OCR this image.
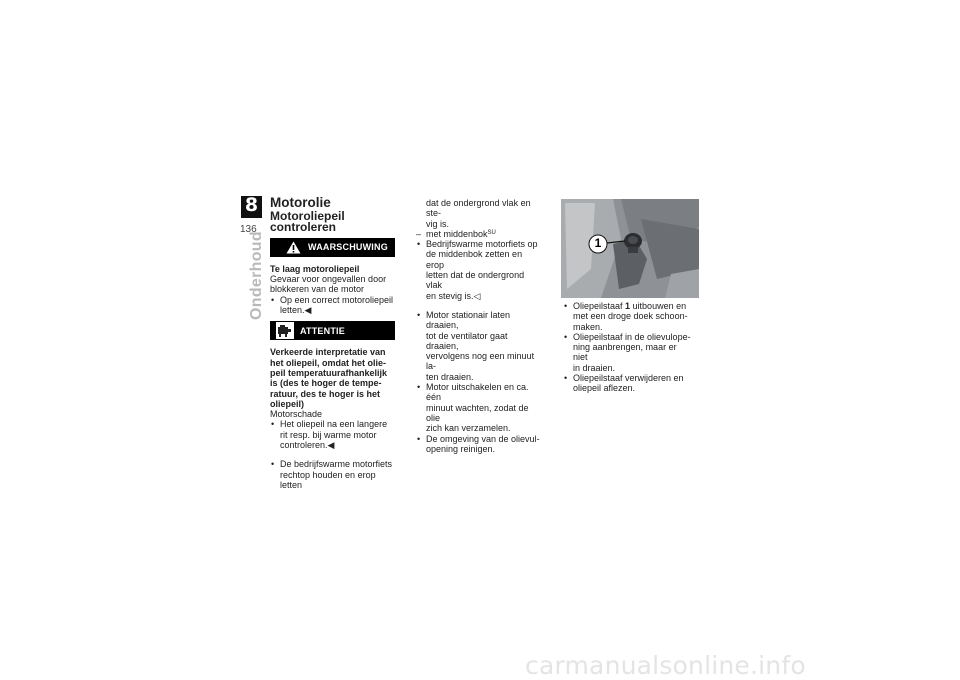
8
136
Onderhoud
Motorolie
Motoroliepeil controleren
WAARSCHUWING

Te laag motoroliepeil

Gevaar voor ongevallen door

blokkeren van de motor

• Op een correct motoroliepeil

letten.◀

ATTENTIE

Verkeerde interpretatie van

het oliepeil, omdat het olie-

peil temperatuurafhankelijk

is (des te hoger de tempe-

ratuur, des te hoger is het

oliepeil)

Motorschade

• Het oliepeil na een langere

rit resp. bij warme motor

controleren.◀

• De bedrijfswarme motorfiets

rechtop houden en erop letten

dat de ondergrond vlak en ste-

vig is.

– met middenbok$^{SU}$

• Bedrijfswarme motorfiets op

de middenbok zetten en erop

letten dat de ondergrond vlak

en stevig is.◁

• Motor stationair laten draaien,

tot de ventilator gaat draaien,

vervolgens nog een minuut la-

ten draaien.

• Motor uitschakelen en ca. één

minuut wachten, zodat de olie

zich kan verzamelen.

• De omgeving van de olievul-

opening reinigen.

1
• Oliepeilstaaf 1 uitbouwen en

met een droge doek schoon-

maken.

• Oliepeilstaaf in de olievulope-

ning aanbrengen, maar er niet

in draaien.

• Oliepeilstaaf verwijderen en

oliepeil aflezen.

carmanualsonline.info
